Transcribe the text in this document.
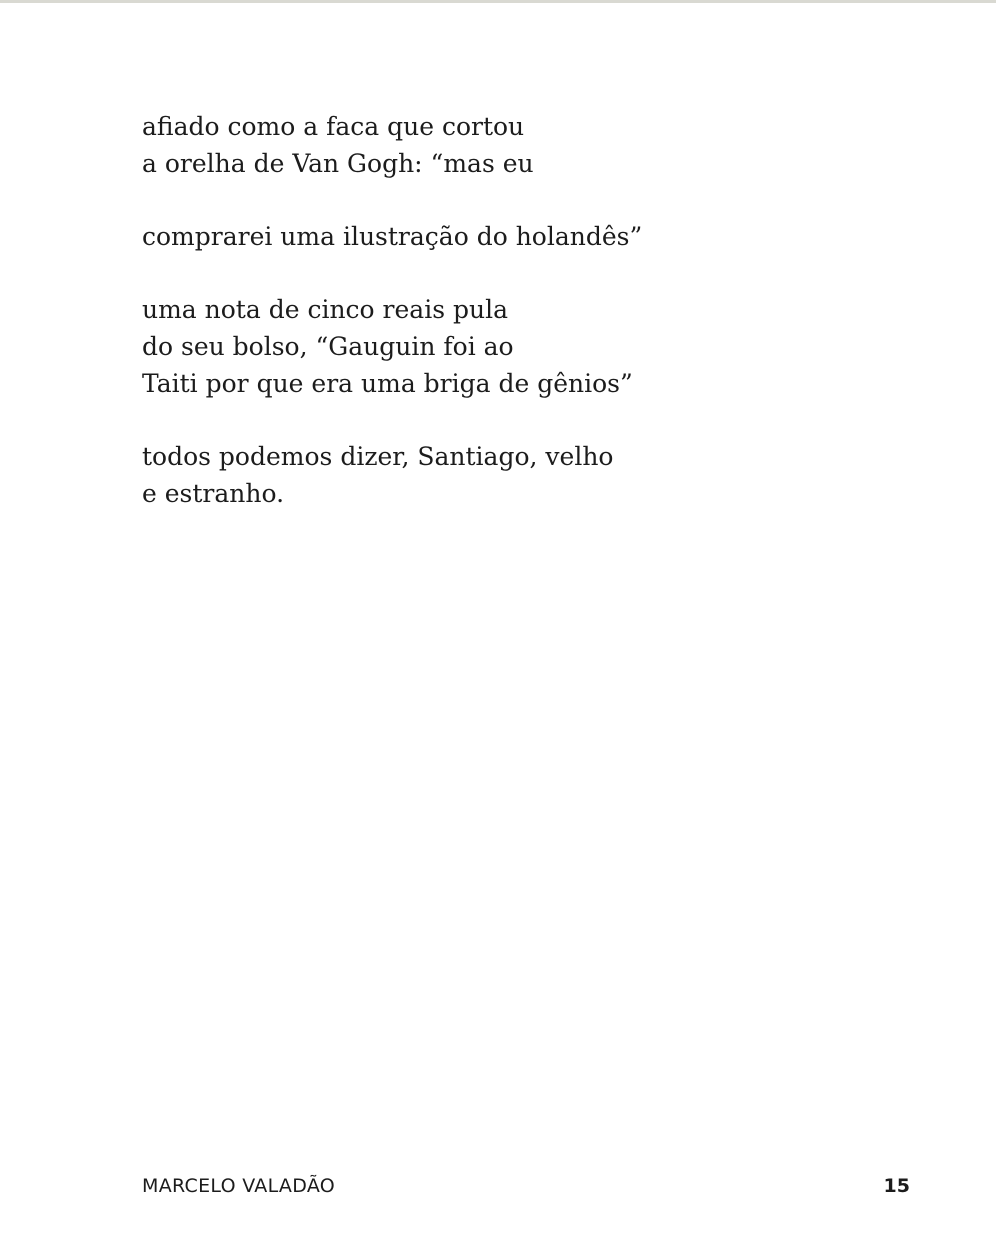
afiado como a faca que cortou
a orelha de Van Gogh: “mas eu
comprarei uma ilustração do holandês”
uma nota de cinco reais pula
do seu bolso, “Gauguin foi ao
Taiti por que era uma briga de gênios”
todos podemos dizer, Santiago, velho
e estranho.
MARCELO VALADÃO	15
